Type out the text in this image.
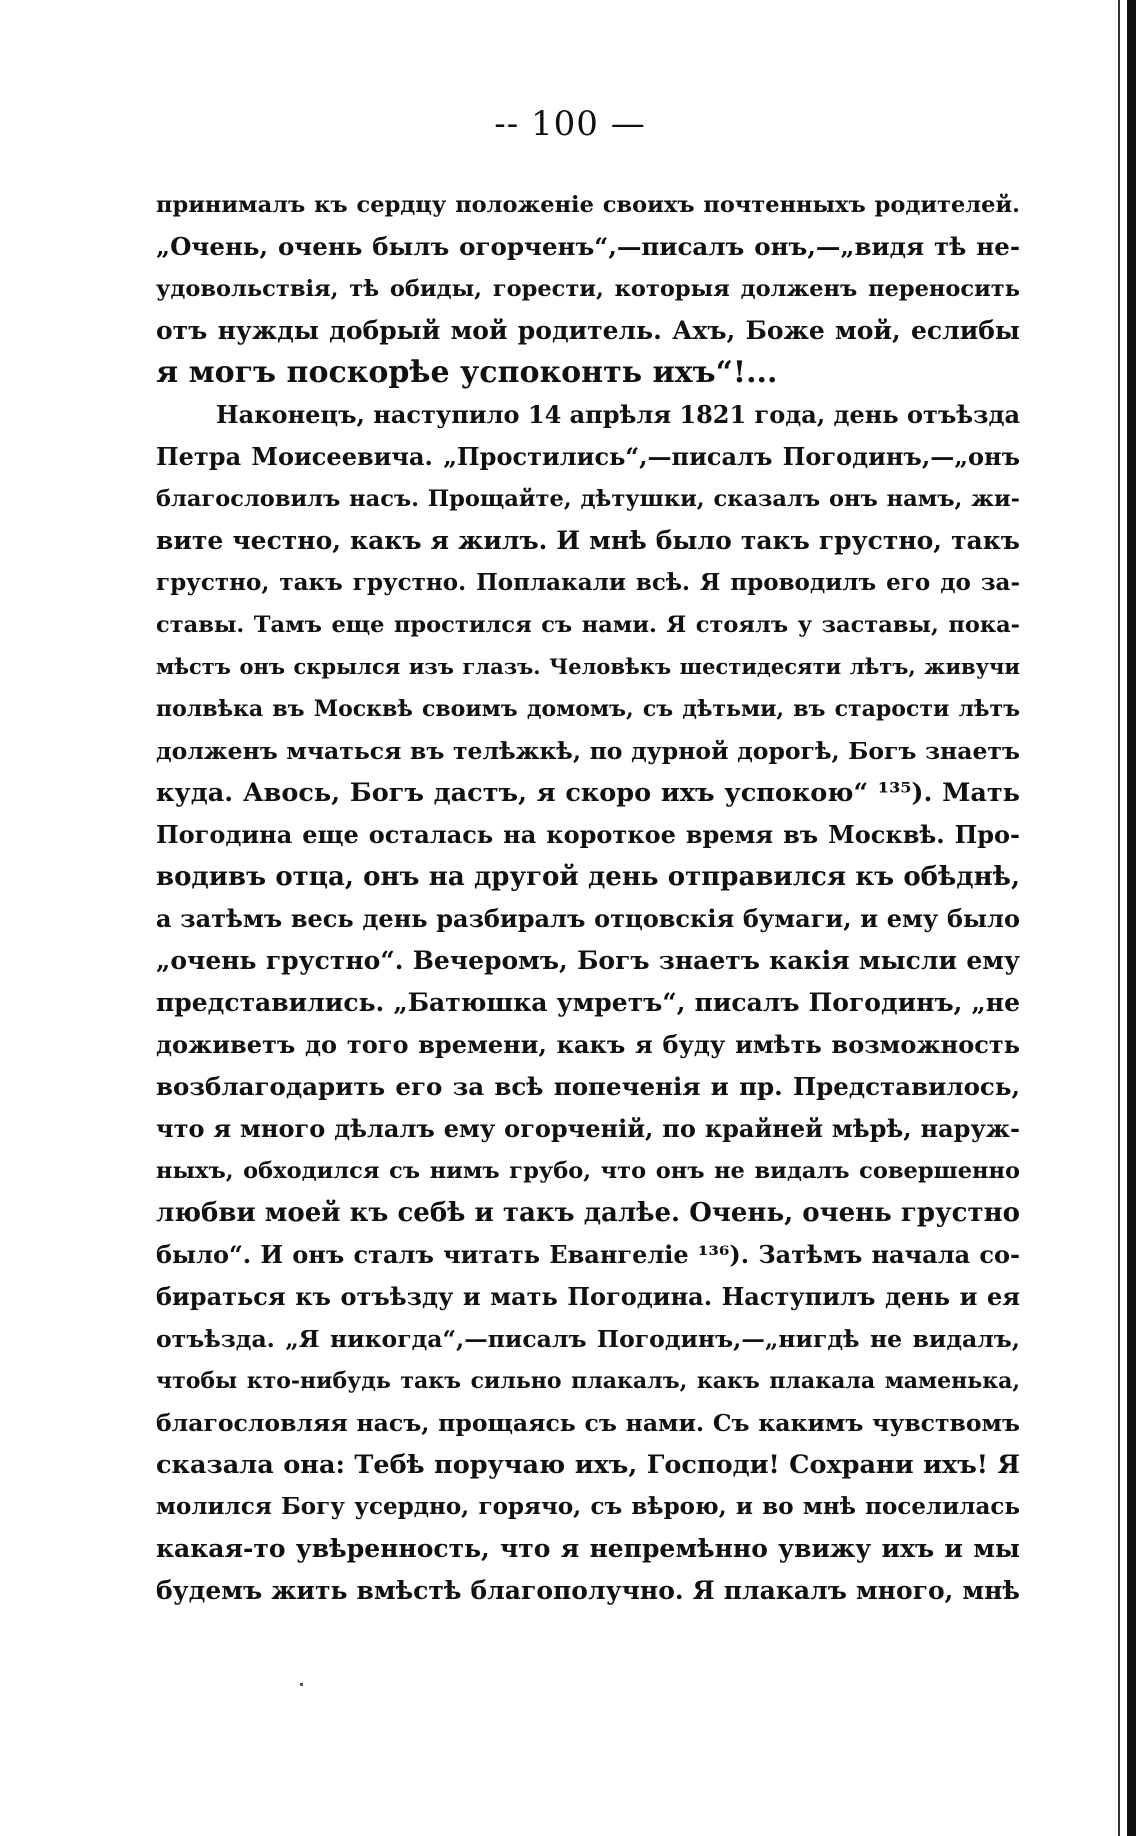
-- 100 —
принималъ къ сердцу положеніе своихъ почтенныхъ родителей.
„Очень, очень былъ огорченъ“,—писалъ онъ,—„видя тѣ не-
удовольствія, тѣ обиды, горести, которыя долженъ переносить
отъ нужды добрый мой родитель. Ахъ, Боже мой, еслибы
я могъ поскорѣе успоконть ихъ“!...
Наконецъ, наступило 14 апрѣля 1821 года, день отъѣзда
Петра Моисеевича. „Простились“,—писалъ Погодинъ,—„онъ
благословилъ насъ. Прощайте, дѣтушки, сказалъ онъ намъ, жи-
вите честно, какъ я жилъ. И мнѣ было такъ грустно, такъ
грустно, такъ грустно. Поплакали всѣ. Я проводилъ его до за-
ставы. Тамъ еще простился съ нами. Я стоялъ у заставы, пока-
мѣстъ онъ скрылся изъ глазъ. Человѣкъ шестидесяти лѣтъ, живучи
полвѣка въ Москвѣ своимъ домомъ, съ дѣтьми, въ старости лѣтъ
долженъ мчаться въ телѣжкѣ, по дурной дорогѣ, Богъ знаетъ
куда. Авось, Богъ дастъ, я скоро ихъ успокою“ ¹³⁵). Мать
Погодина еще осталась на короткое время въ Москвѣ. Про-
водивъ отца, онъ на другой день отправился къ обѣднѣ,
а затѣмъ весь день разбиралъ отцовскія бумаги, и ему было
„очень грустно“. Вечеромъ, Богъ знаетъ какія мысли ему
представились. „Батюшка умретъ“, писалъ Погодинъ, „не
доживетъ до того времени, какъ я буду имѣть возможность
возблагодарить его за всѣ попеченія и пр. Представилось,
что я много дѣлалъ ему огорченій, по крайней мѣрѣ, наруж-
ныхъ, обходился съ нимъ грубо, что онъ не видалъ совершенно
любви моей къ себѣ и такъ далѣе. Очень, очень грустно
было“. И онъ сталъ читать Евангеліе ¹³⁶). Затѣмъ начала со-
бираться къ отъѣзду и мать Погодина. Наступилъ день и ея
отъѣзда. „Я никогда“,—писалъ Погодинъ,—„нигдѣ не видалъ,
чтобы кто-нибудь такъ сильно плакалъ, какъ плакала маменька,
благословляя насъ, прощаясь съ нами. Съ какимъ чувствомъ
сказала она: Тебѣ поручаю ихъ, Господи! Сохрани ихъ! Я
молился Богу усердно, горячо, съ вѣрою, и во мнѣ поселилась
какая-то увѣренность, что я непремѣнно увижу ихъ и мы
будемъ жить вмѣстѣ благополучно. Я плакалъ много, мнѣ
